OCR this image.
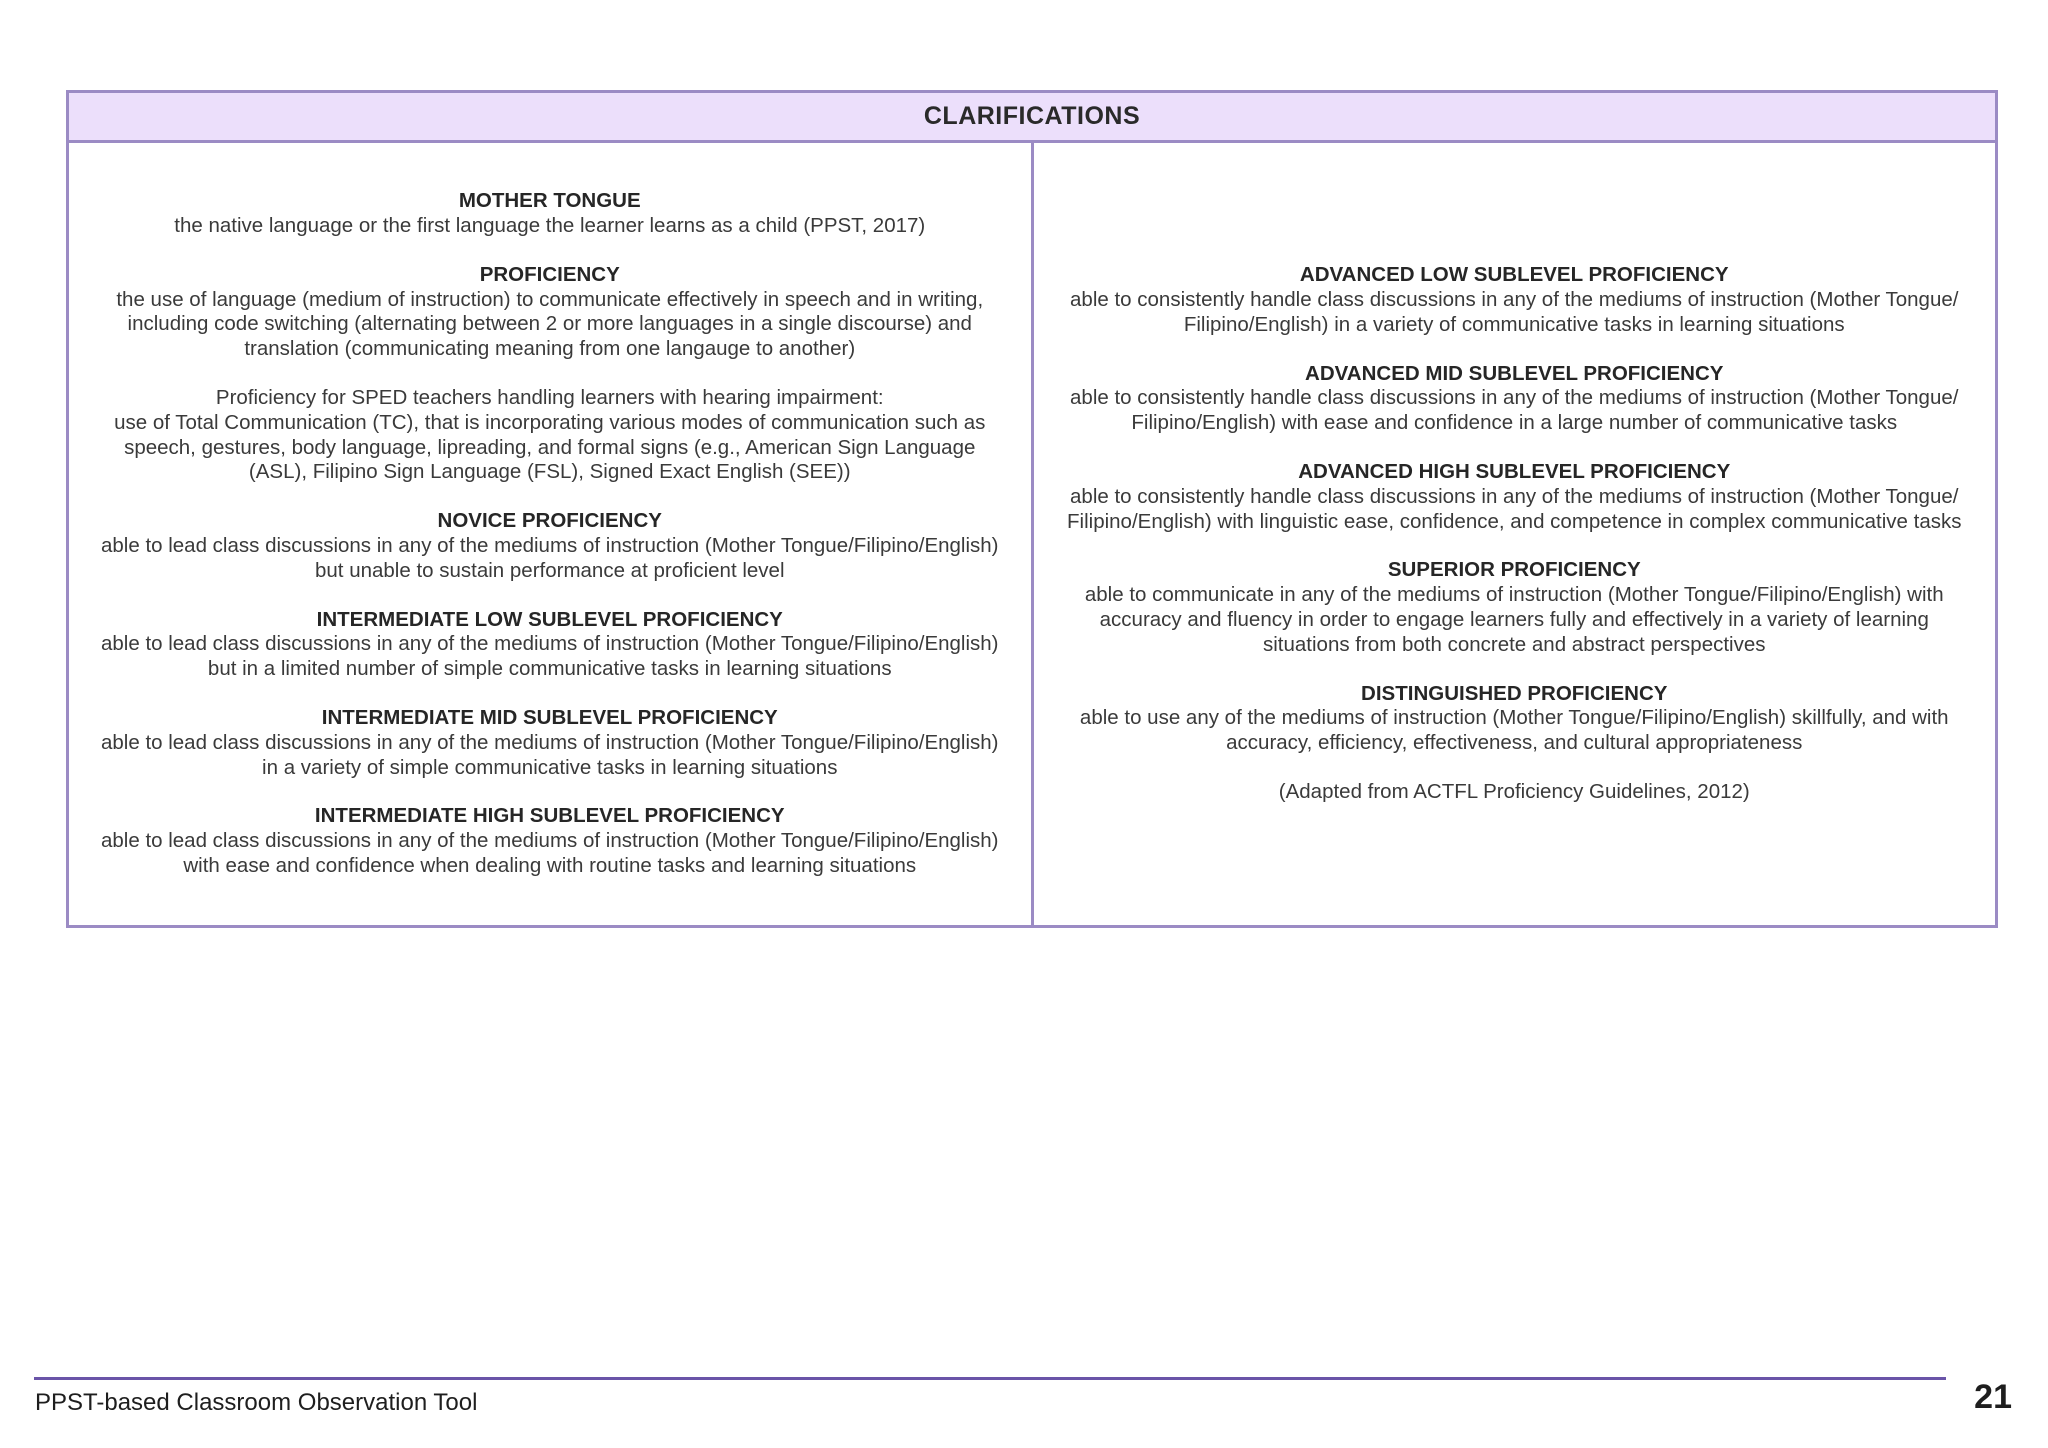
CLARIFICATIONS
MOTHER TONGUE
the native language or the first language the learner learns as a child (PPST, 2017)
PROFICIENCY
the use of language (medium of instruction) to communicate effectively in speech and in writing,
including code switching (alternating between 2 or more languages in a single discourse) and
translation (communicating meaning from one langauge to another)
Proficiency for SPED teachers handling learners with hearing impairment:
use of Total Communication (TC), that is incorporating various modes of communication such as
speech, gestures, body language, lipreading, and formal signs (e.g., American Sign Language
(ASL), Filipino Sign Language (FSL), Signed Exact English (SEE))
NOVICE PROFICIENCY
able to lead class discussions in any of the mediums of instruction (Mother Tongue/Filipino/English)
but unable to sustain performance at proficient level
INTERMEDIATE LOW SUBLEVEL PROFICIENCY
able to lead class discussions in any of the mediums of instruction (Mother Tongue/Filipino/English)
but in a limited number of simple communicative tasks in learning situations
INTERMEDIATE MID SUBLEVEL PROFICIENCY
able to lead class discussions in any of the mediums of instruction (Mother Tongue/Filipino/English)
in a variety of simple communicative tasks in learning situations
INTERMEDIATE HIGH SUBLEVEL PROFICIENCY
able to lead class discussions in any of the mediums of instruction (Mother Tongue/Filipino/English)
with ease and confidence when dealing with routine tasks and learning situations
ADVANCED LOW SUBLEVEL PROFICIENCY
able to consistently handle class discussions in any of the mediums of instruction (Mother Tongue/
Filipino/English) in a variety of communicative tasks in learning situations
ADVANCED MID SUBLEVEL PROFICIENCY
able to consistently handle class discussions in any of the mediums of instruction (Mother Tongue/
Filipino/English) with ease and confidence in a large number of communicative tasks
ADVANCED HIGH SUBLEVEL PROFICIENCY
able to consistently handle class discussions in any of the mediums of instruction (Mother Tongue/
Filipino/English) with linguistic ease, confidence, and competence in complex communicative tasks
SUPERIOR PROFICIENCY
able to communicate in any of the mediums of instruction (Mother Tongue/Filipino/English) with
accuracy and fluency in order to engage learners fully and effectively in a variety of learning
situations from both concrete and abstract perspectives
DISTINGUISHED PROFICIENCY
able to use any of the mediums of instruction (Mother Tongue/Filipino/English) skillfully, and with
accuracy, efficiency, effectiveness, and cultural appropriateness
(Adapted from ACTFL Proficiency Guidelines, 2012)
PPST-based Classroom Observation Tool	21
